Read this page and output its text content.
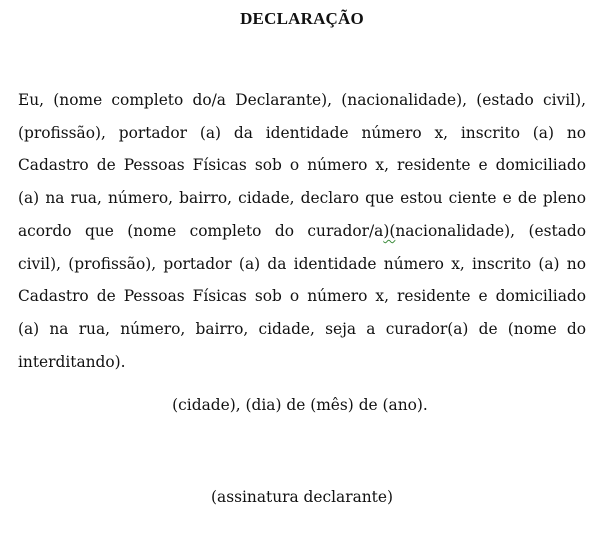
DECLARAÇÃO
Eu, (nome completo do/a Declarante), (nacionalidade), (estado civil),
(profissão), portador (a) da identidade número x, inscrito (a) no
Cadastro de Pessoas Físicas sob o número x, residente e domiciliado
(a) na rua, número, bairro, cidade, declaro que estou ciente e de pleno
acordo que (nome completo do curador/a)(nacionalidade), (estado
civil), (profissão), portador (a) da identidade número x, inscrito (a) no
Cadastro de Pessoas Físicas sob o número x, residente e domiciliado
(a) na rua, número, bairro, cidade, seja a curador(a) de (nome do
interditando).
(cidade), (dia) de (mês) de (ano).
(assinatura declarante)
